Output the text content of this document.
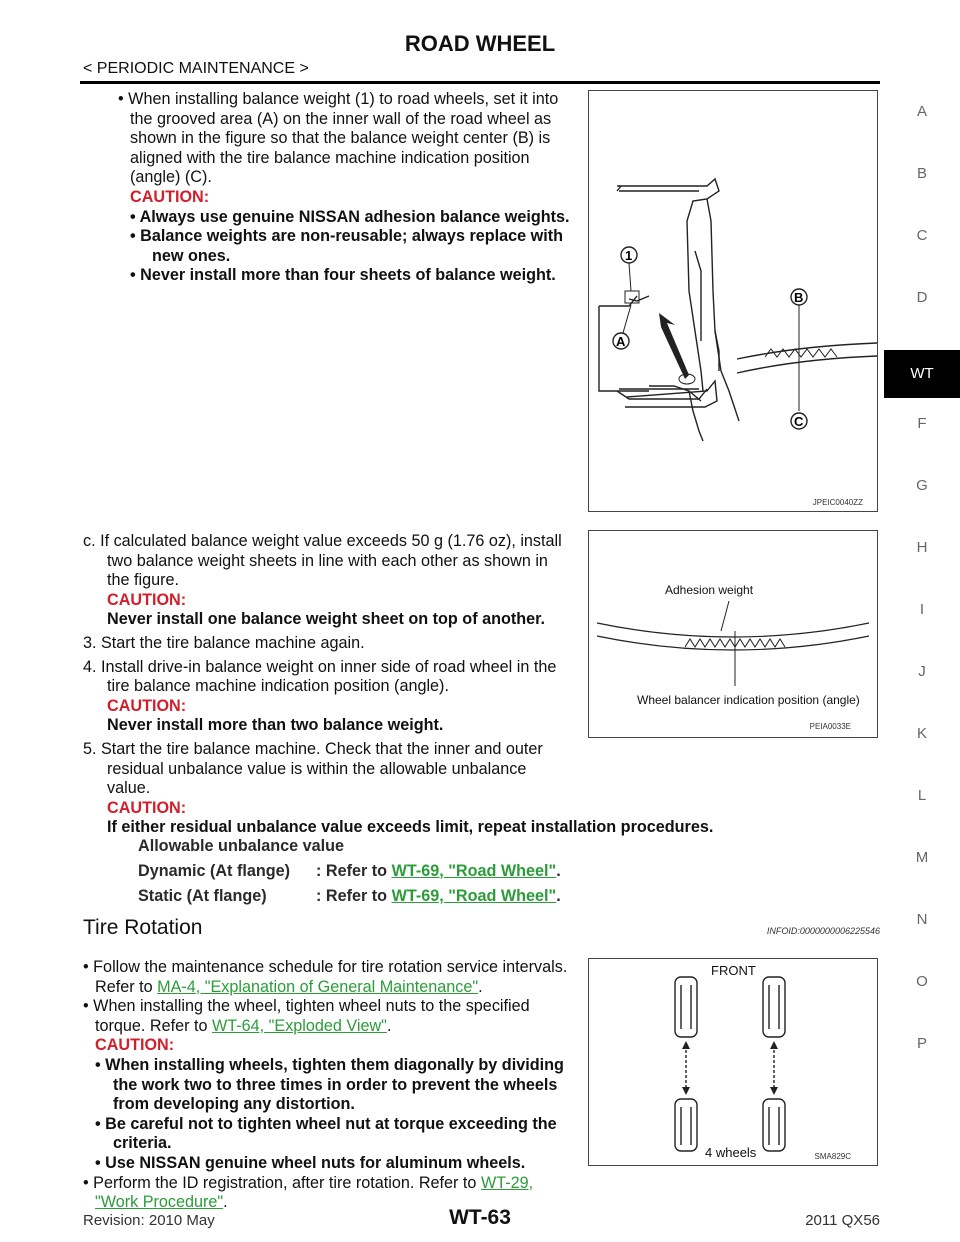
ROAD WHEEL
< PERIODIC MAINTENANCE >
A
B
C
D
WT
F
G
H
I
J
K
L
M
N
O
P
• When installing balance weight (1) to road wheels, set it into
the grooved area (A) on the inner wall of the road wheel as
shown in the figure so that the balance weight center (B) is
aligned with the tire balance machine indication position
(angle) (C).
CAUTION:
• Always use genuine NISSAN adhesion balance weights.
• Balance weights are non-reusable; always replace with
new ones.
• Never install more than four sheets of balance weight.
1
A
B
C
JPEIC0040ZZ
c. If calculated balance weight value exceeds 50 g (1.76 oz), install
two balance weight sheets in line with each other as shown in
the figure.
CAUTION:
Never install one balance weight sheet on top of another.
3. Start the tire balance machine again.
4. Install drive-in balance weight on inner side of road wheel in the
tire balance machine indication position (angle).
CAUTION:
Never install more than two balance weight.
5. Start the tire balance machine. Check that the inner and outer
residual unbalance value is within the allowable unbalance
value.
CAUTION:
If either residual unbalance value exceeds limit, repeat installation procedures.
Adhesion weight
Wheel balancer indication position (angle)
PEIA0033E
Allowable unbalance value
Dynamic (At flange) : Refer to WT-69, "Road Wheel".
Static (At flange)	: Refer to WT-69, "Road Wheel".
Tire Rotation	INFOID:0000000006225546
• Follow the maintenance schedule for tire rotation service intervals.
Refer to MA-4, "Explanation of General Maintenance".
• When installing the wheel, tighten wheel nuts to the specified
torque. Refer to WT-64, "Exploded View".
CAUTION:
• When installing wheels, tighten them diagonally by dividing
the work two to three times in order to prevent the wheels
from developing any distortion.
• Be careful not to tighten wheel nut at torque exceeding the
criteria.
• Use NISSAN genuine wheel nuts for aluminum wheels.
• Perform the ID registration, after tire rotation. Refer to WT-29,
"Work Procedure".
FRONT
4 wheels	SMA829C
Revision: 2010 May	WT-63	2011 QX56
